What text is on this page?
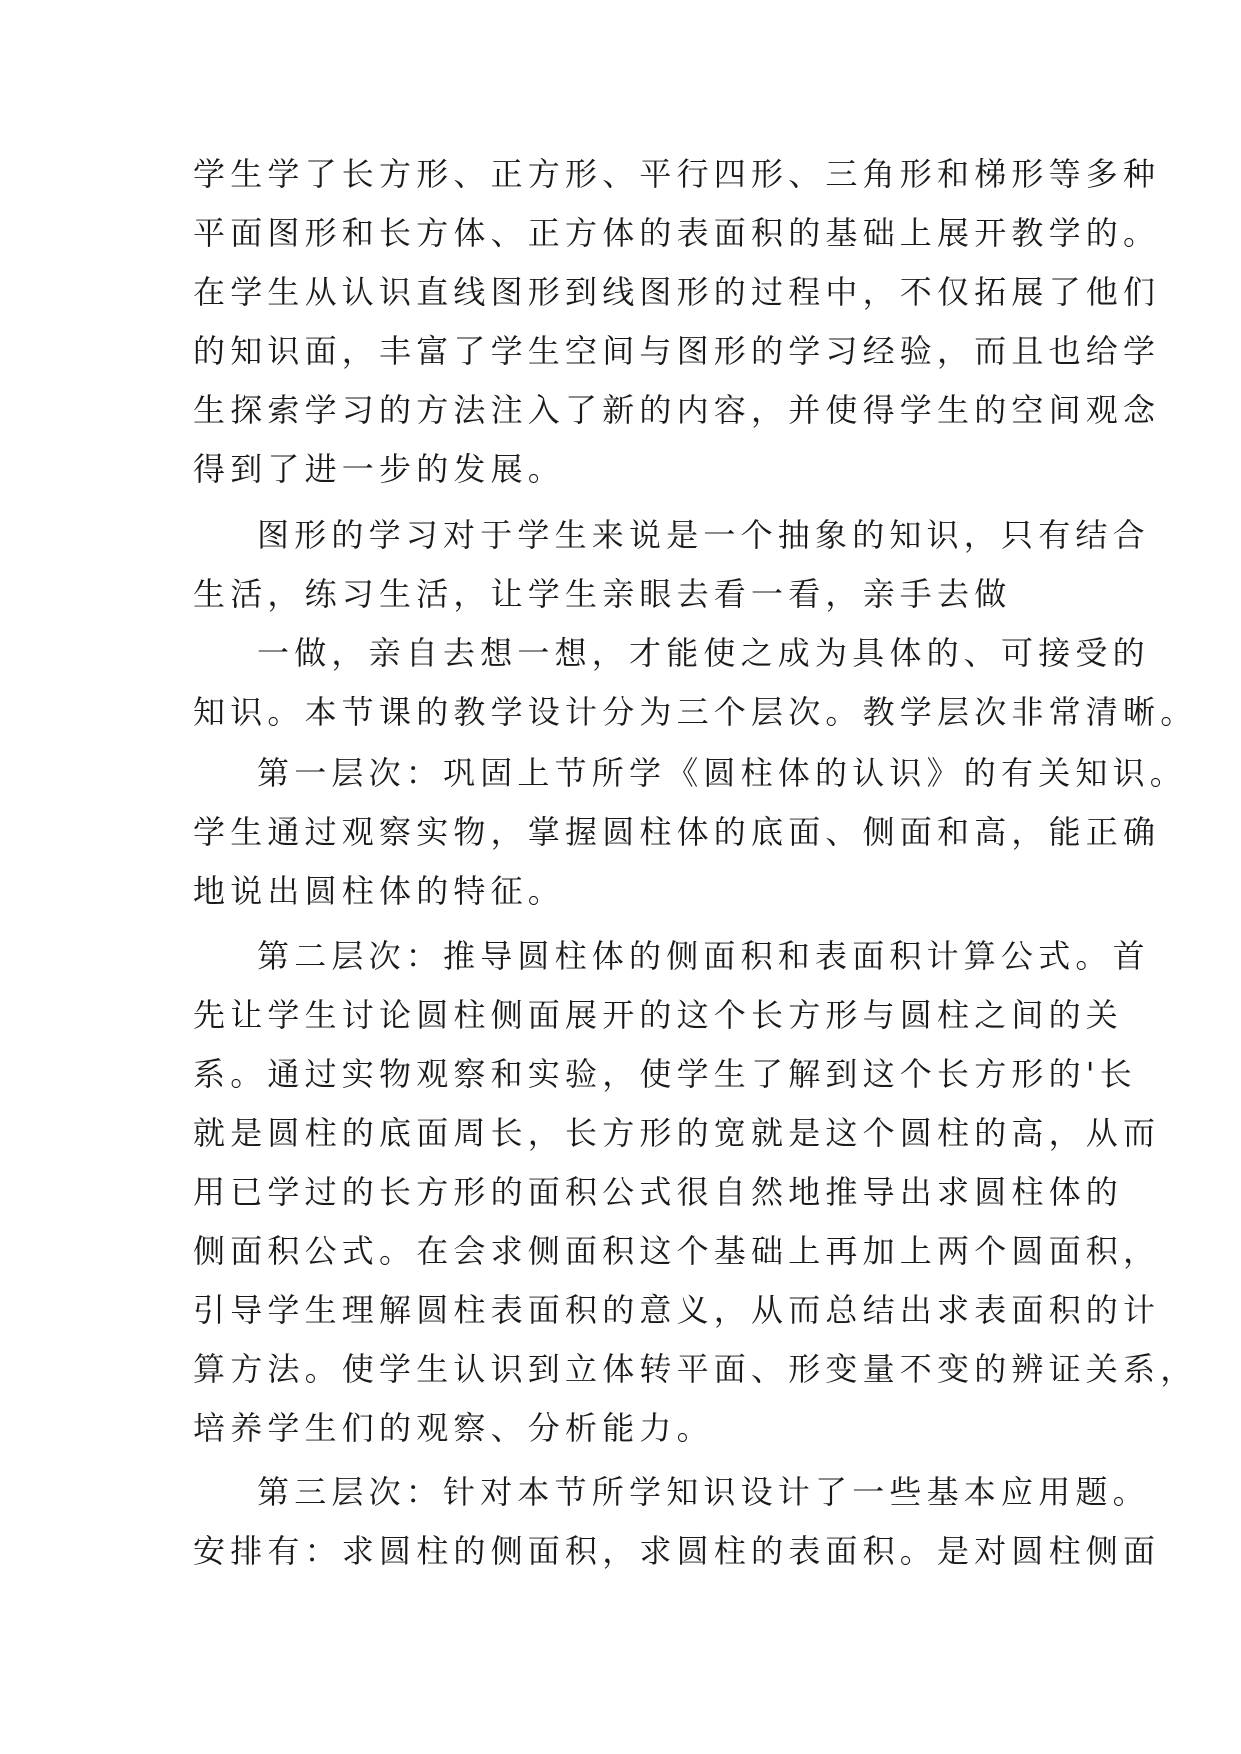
学生学了长方形、正方形、平行四形、三角形和梯形等多种

平面图形和长方体、正方体的表面积的基础上展开教学的。

在学生从认识直线图形到线图形的过程中，不仅拓展了他们

的知识面，丰富了学生空间与图形的学习经验，而且也给学

生探索学习的方法注入了新的内容，并使得学生的空间观念

得到了进一步的发展。

图形的学习对于学生来说是一个抽象的知识，只有结合

生活，练习生活，让学生亲眼去看一看，亲手去做

一做，亲自去想一想，才能使之成为具体的、可接受的

知识。本节课的教学设计分为三个层次。教学层次非常清晰。

第一层次：巩固上节所学《圆柱体的认识》的有关知识。

学生通过观察实物，掌握圆柱体的底面、侧面和高，能正确

地说出圆柱体的特征。

第二层次：推导圆柱体的侧面积和表面积计算公式。首

先让学生讨论圆柱侧面展开的这个长方形与圆柱之间的关

系。通过实物观察和实验，使学生了解到这个长方形的'长

就是圆柱的底面周长，长方形的宽就是这个圆柱的高，从而

用已学过的长方形的面积公式很自然地推导出求圆柱体的

侧面积公式。在会求侧面积这个基础上再加上两个圆面积，

引导学生理解圆柱表面积的意义，从而总结出求表面积的计

算方法。使学生认识到立体转平面、形变量不变的辨证关系，

培养学生们的观察、分析能力。

第三层次：针对本节所学知识设计了一些基本应用题。

安排有：求圆柱的侧面积，求圆柱的表面积。是对圆柱侧面
